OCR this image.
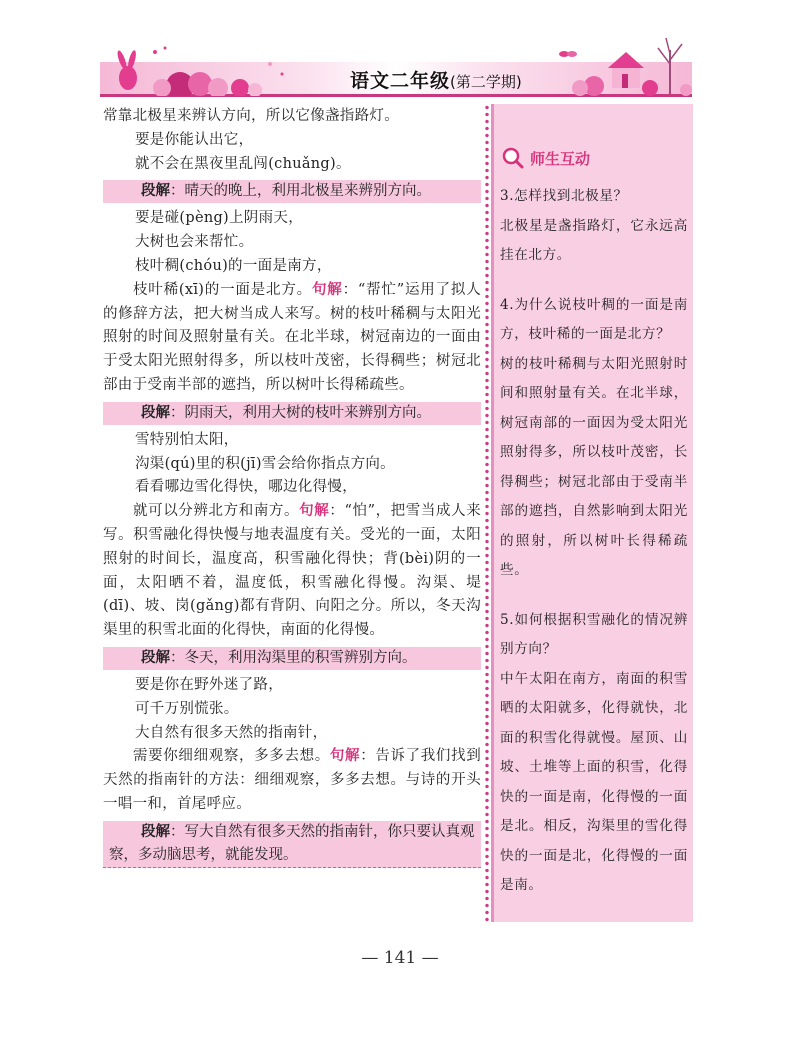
语文二年级(第二学期)

常靠北极星来辨认方向，所以它像盏指路灯。

要是你能认出它，

就不会在黑夜里乱闯(chuǎng)。

段解：晴天的晚上，利用北极星来辨别方向。

要是碰(pèng)上阴雨天，

大树也会来帮忙。

枝叶稠(chóu)的一面是南方，

枝叶稀(xī)的一面是北方。句解：“帮忙”运用了拟人的修辞方法，把大树当成人来写。树的枝叶稀稠与太阳光照射的时间及照射量有关。在北半球，树冠南边的一面由于受太阳光照射得多，所以枝叶茂密，长得稠些；树冠北部由于受南半部的遮挡，所以树叶长得稀疏些。

段解：阴雨天，利用大树的枝叶来辨别方向。

雪特别怕太阳，

沟渠(qú)里的积(jī)雪会给你指点方向。

看看哪边雪化得快，哪边化得慢，

就可以分辨北方和南方。句解：“怕”，把雪当成人来写。积雪融化得快慢与地表温度有关。受光的一面，太阳照射的时间长，温度高，积雪融化得快；背(bèi)阴的一面，太阳晒不着，温度低，积雪融化得慢。沟渠、堤(dī)、坡、岗(gǎng)都有背阴、向阳之分。所以，冬天沟渠里的积雪北面的化得快，南面的化得慢。

段解：冬天，利用沟渠里的积雪辨别方向。

要是你在野外迷了路，

可千万别慌张。

大自然有很多天然的指南针，

需要你细细观察，多多去想。句解：告诉了我们找到天然的指南针的方法：细细观察，多多去想。与诗的开头一唱一和，首尾呼应。

段解：写大自然有很多天然的指南针，你只要认真观察，多动脑思考，就能发现。
师生互动

3.怎样找到北极星？

北极星是盏指路灯，它永远高挂在北方。

4.为什么说枝叶稠的一面是南方，枝叶稀的一面是北方？

树的枝叶稀稠与太阳光照射时间和照射量有关。在北半球，树冠南部的一面因为受太阳光照射得多，所以枝叶茂密，长得稠些；树冠北部由于受南半部的遮挡，自然影响到太阳光的照射，所以树叶长得稀疏些。

5.如何根据积雪融化的情况辨别方向？

中午太阳在南方，南面的积雪晒的太阳就多，化得就快，北面的积雪化得就慢。屋顶、山坡、土堆等上面的积雪，化得快的一面是南，化得慢的一面是北。相反，沟渠里的雪化得快的一面是北，化得慢的一面是南。

— 141 —
